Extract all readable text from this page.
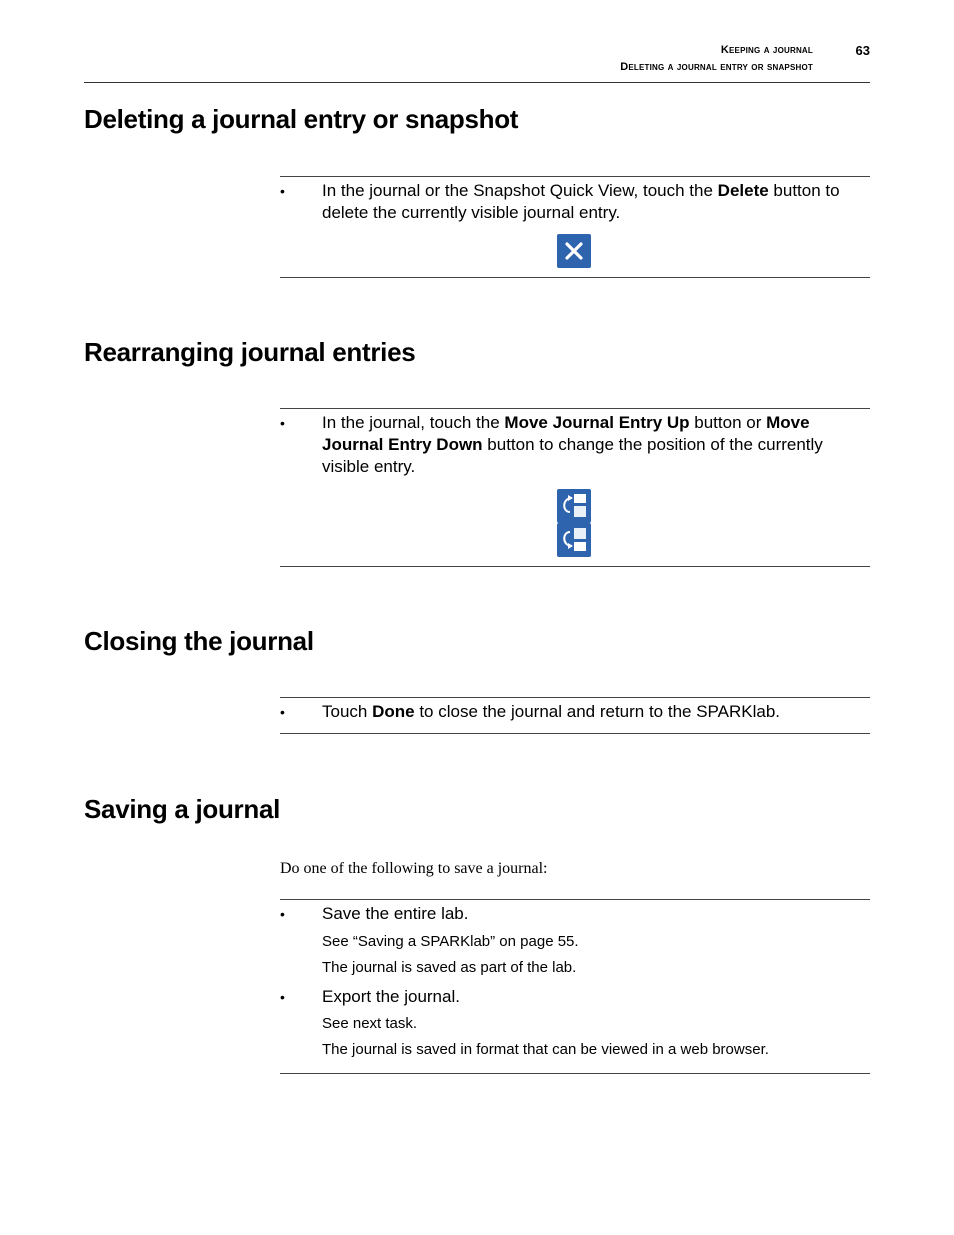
Keeping a journal
Deleting a journal entry or snapshot
63
Deleting a journal entry or snapshot
• In the journal or the Snapshot Quick View, touch the Delete button to delete the currently visible journal entry.
Rearranging journal entries
• In the journal, touch the Move Journal Entry Up button or Move Journal Entry Down button to change the position of the currently visible entry.
Closing the journal
• Touch Done to close the journal and return to the SPARKlab.
Saving a journal
Do one of the following to save a journal:
• Save the entire lab.
See “Saving a SPARKlab” on page 55.
The journal is saved as part of the lab.
• Export the journal.
See next task.
The journal is saved in format that can be viewed in a web browser.
